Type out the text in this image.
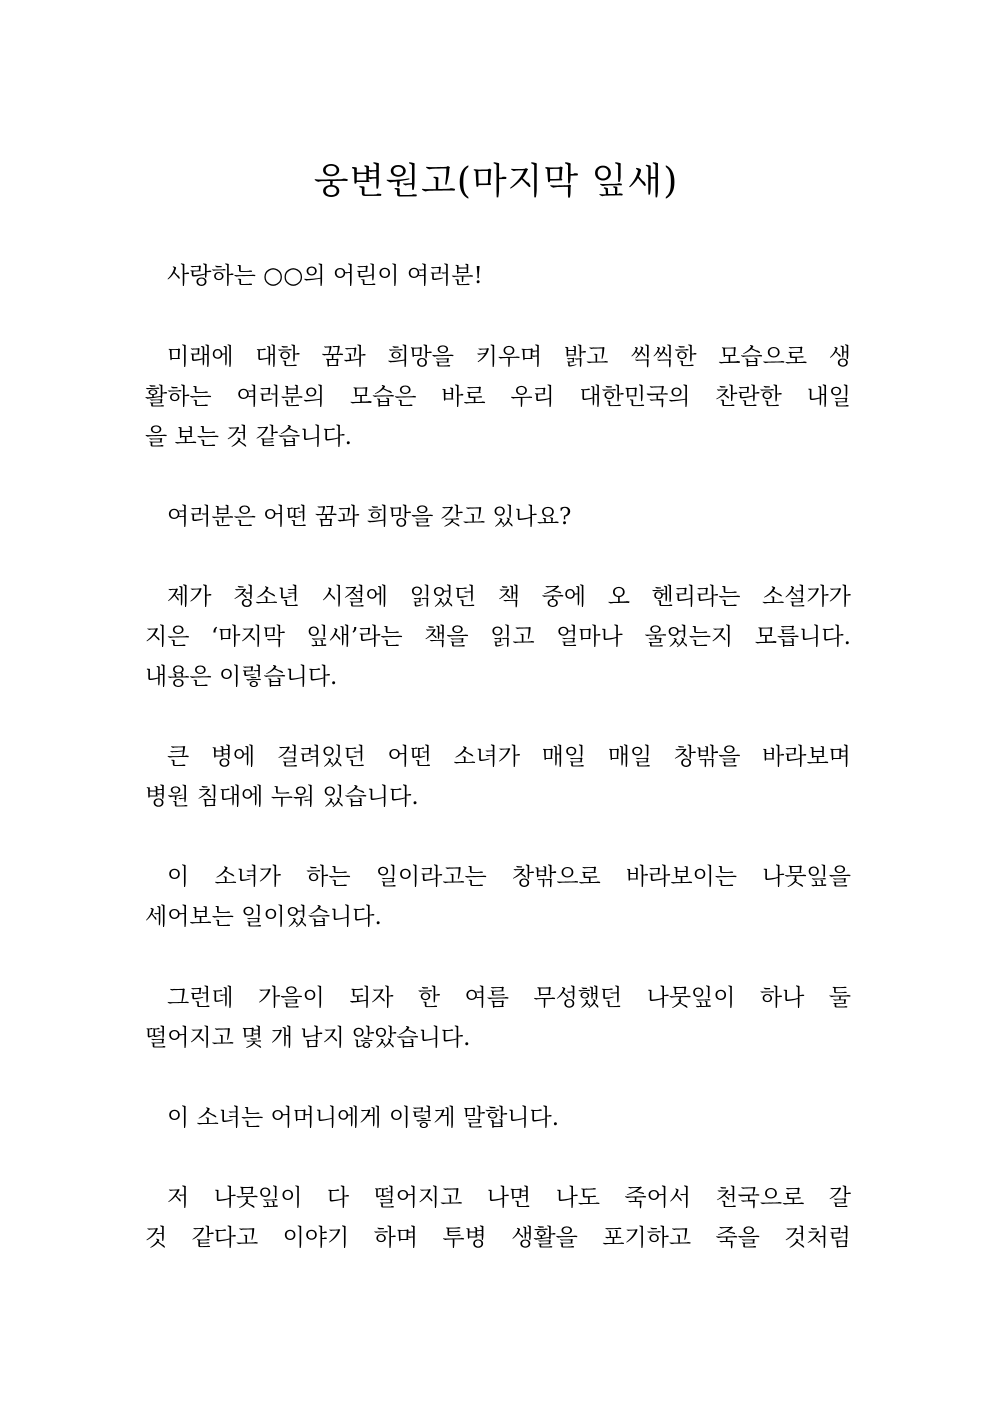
웅변원고(마지막 잎새)
사랑하는 ○○의 어린이 여러분!
미래에 대한 꿈과 희망을 키우며 밝고 씩씩한 모습으로 생
활하는 여러분의 모습은 바로 우리 대한민국의 찬란한 내일
을 보는 것 같습니다.
여러분은 어떤 꿈과 희망을 갖고 있나요?
제가 청소년 시절에 읽었던 책 중에 오 헨리라는 소설가가
지은 ‘마지막 잎새’라는 책을 읽고 얼마나 울었는지 모릅니다.
내용은 이렇습니다.
큰 병에 걸려있던 어떤 소녀가 매일 매일 창밖을 바라보며
병원 침대에 누워 있습니다.
이 소녀가 하는 일이라고는 창밖으로 바라보이는 나뭇잎을
세어보는 일이었습니다.
그런데 가을이 되자 한 여름 무성했던 나뭇잎이 하나 둘
떨어지고 몇 개 남지 않았습니다.
이 소녀는 어머니에게 이렇게 말합니다.
저 나뭇잎이 다 떨어지고 나면 나도 죽어서 천국으로 갈
것 같다고 이야기 하며 투병 생활을 포기하고 죽을 것처럼
